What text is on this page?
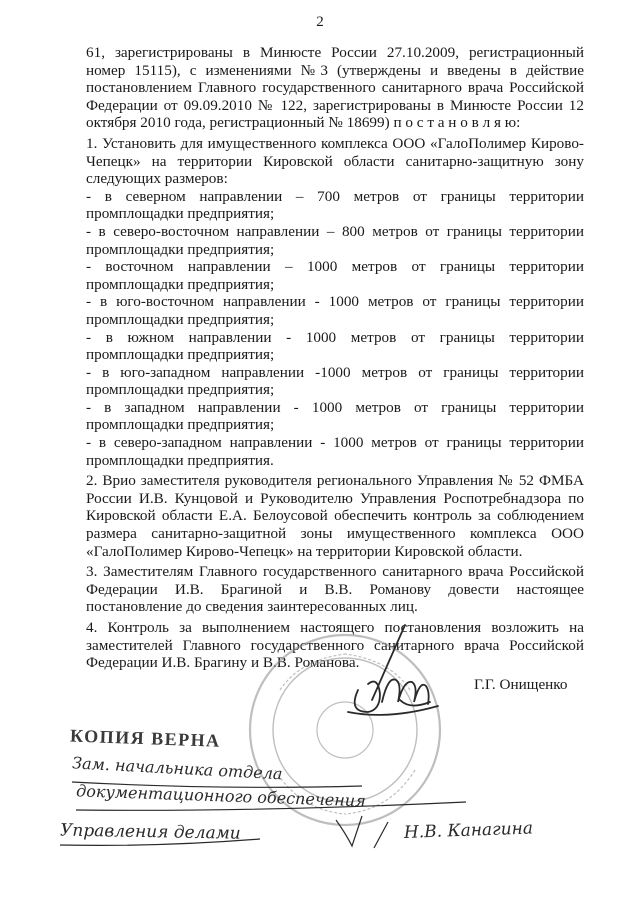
2

61, зарегистрированы в Минюсте России 27.10.2009, регистрационный номер 15115), с изменениями №3 (утверждены и введены в действие постановлением Главного государственного санитарного врача Российской Федерации от 09.09.2010 № 122, зарегистрированы в Минюсте России 12 октября 2010 года, регистрационный № 18699) п о с т а н о в л я ю:

1. Установить для имущественного комплекса ООО «ГалоПолимер Кирово-Чепецк» на территории Кировской области санитарно-защитную зону следующих размеров:

- в северном направлении – 700 метров от границы территории промплощадки предприятия;

- в северо-восточном направлении – 800 метров от границы территории промплощадки предприятия;

- восточном направлении – 1000 метров от границы территории промплощадки предприятия;

- в юго-восточном направлении - 1000 метров от границы территории промплощадки предприятия;

- в южном направлении - 1000 метров от границы территории промплощадки предприятия;

- в юго-западном направлении -1000 метров от границы территории промплощадки предприятия;

- в западном направлении - 1000 метров от границы территории промплощадки предприятия;

- в северо-западном направлении - 1000 метров от границы территории промплощадки предприятия.

2. Врио заместителя руководителя регионального Управления № 52 ФМБА России И.В. Кунцовой и Руководителю Управления Роспотребнадзора по Кировской области Е.А. Белоусовой обеспечить контроль за соблюдением размера санитарно-защитной зоны имущественного комплекса ООО «ГалоПолимер Кирово-Чепецк» на территории Кировской области.

3. Заместителям Главного государственного санитарного врача Российской Федерации И.В. Брагиной и В.В. Романову довести настоящее постановление до сведения заинтересованных лиц.

4. Контроль за выполнением настоящего постановления возложить на заместителей Главного государственного санитарного врача Российской Федерации И.В. Брагину и В.В. Романова.

Г.Г. Онищенко
КОПИЯ ВЕРНА
Зам. начальника отдела
документационного обеспечения
Управления делами	Н.В. Канагина
